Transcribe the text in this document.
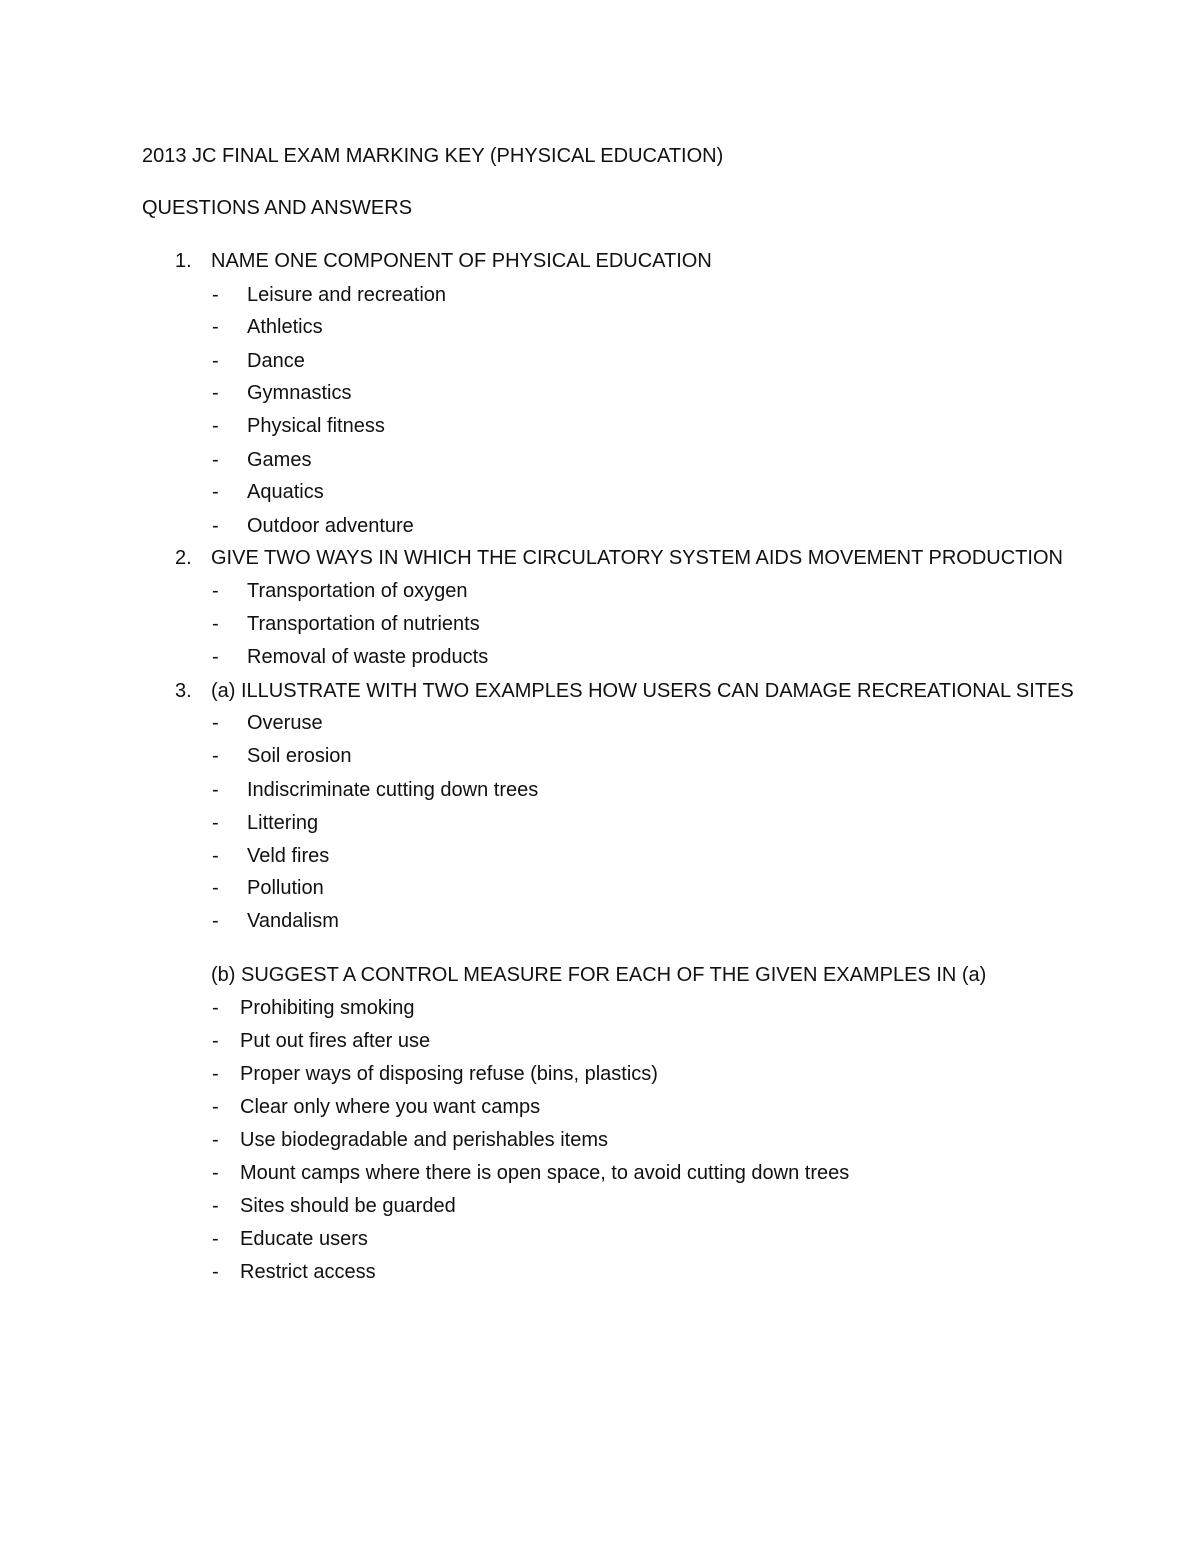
2013 JC FINAL EXAM MARKING KEY (PHYSICAL EDUCATION)
QUESTIONS AND ANSWERS
1. NAME ONE COMPONENT OF PHYSICAL EDUCATION
- Leisure and recreation
- Athletics
- Dance
- Gymnastics
- Physical fitness
- Games
- Aquatics
- Outdoor adventure
2. GIVE TWO WAYS IN WHICH THE CIRCULATORY SYSTEM AIDS MOVEMENT PRODUCTION
- Transportation of oxygen
- Transportation of nutrients
- Removal of waste products
3. (a) ILLUSTRATE WITH TWO EXAMPLES HOW USERS CAN DAMAGE RECREATIONAL SITES
- Overuse
- Soil erosion
- Indiscriminate cutting down trees
- Littering
- Veld fires
- Pollution
- Vandalism
(b) SUGGEST A CONTROL MEASURE FOR EACH OF THE GIVEN EXAMPLES IN (a)
- Prohibiting smoking
- Put out fires after use
- Proper ways of disposing refuse (bins, plastics)
- Clear only where you want camps
- Use biodegradable and perishables items
- Mount camps where there is open space, to avoid cutting down trees
- Sites should be guarded
- Educate users
- Restrict access
